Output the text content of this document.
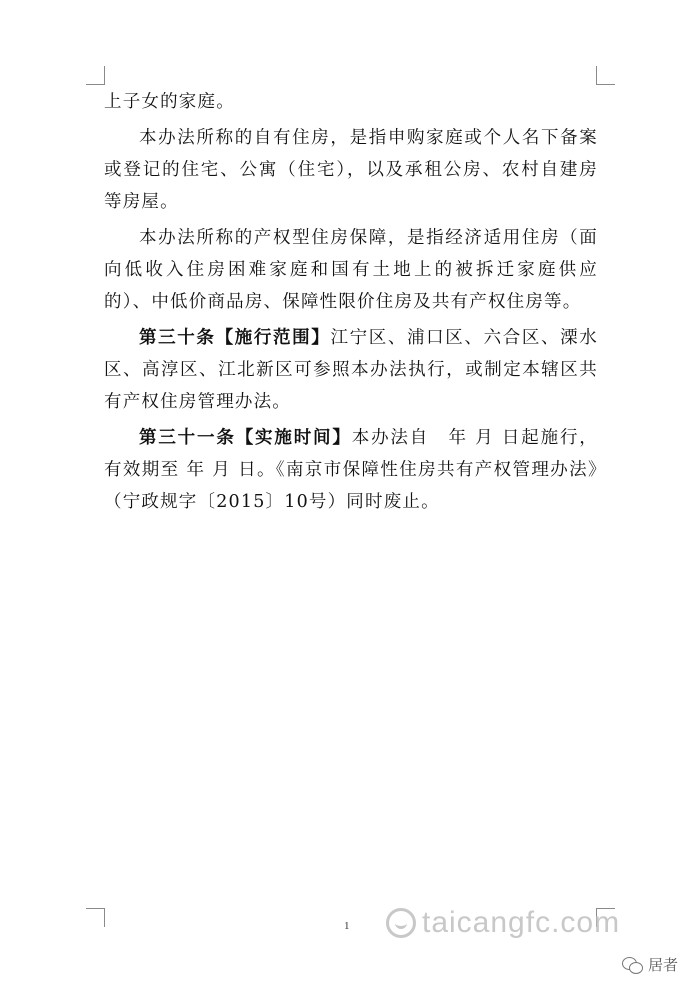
上子女的家庭。

本办法所称的自有住房，是指申购家庭或个人名下备案或登记的住宅、公寓（住宅），以及承租公房、农村自建房等房屋。

本办法所称的产权型住房保障，是指经济适用住房（面向低收入住房困难家庭和国有土地上的被拆迁家庭供应的）、中低价商品房、保障性限价住房及共有产权住房等。

第三十条【施行范围】江宁区、浦口区、六合区、溧水区、高淳区、江北新区可参照本办法执行，或制定本辖区共有产权住房管理办法。

第三十一条【实施时间】本办法自　年 月 日起施行，有效期至 年 月 日。《南京市保障性住房共有产权管理办法》（宁政规字〔2015〕10号）同时废止。

1 taicangfc.com
居者
